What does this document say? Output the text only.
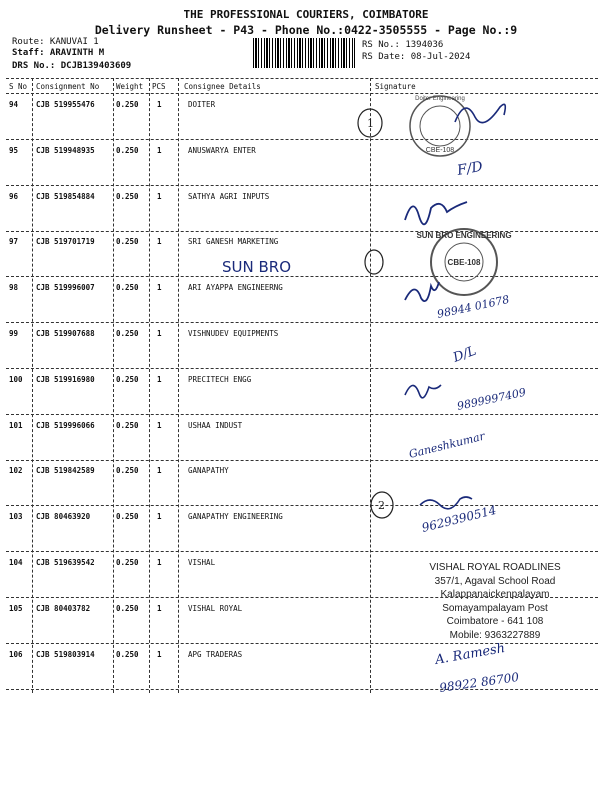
THE PROFESSIONAL COURIERS, COIMBATORE
Delivery Runsheet - P43 - Phone No.:0422-3505555 - Page No.:9
Route: KANUVAI 1
Staff: ARAVINTH M
DRS No.: DCJB139403609
RS No.: 1394036
RS Date: 08-Jul-2024
S No Consignment No Weight PCS Consignee Details	Signature
94 CJB 519955476	0.250 1	DOITER
95 CJB 519948935	0.250 1	ANUSWARYA ENTER
96 CJB 519854884	0.250 1	SATHYA AGRI INPUTS
97 CJB 519701719	0.250 1	SRI GANESH MARKETING
98 CJB 519996007	0.250 1	ARI AYAPPA ENGINEERNG
99 CJB 519907688	0.250 1	VISHNUDEV EQUIPMENTS
100 CJB 519916980	0.250 1	PRECITECH ENGG
101 CJB 519996066	0.250 1	USHAA INDUST
102 CJB 519842589	0.250 1	GANAPATHY
103 CJB 80463920	0.250 1	GANAPATHY ENGINEERING
104 CJB 519639542	0.250 1	VISHAL
105 CJB 80403782	0.250 1	VISHAL ROYAL
106 CJB 519803914	0.250 1	APG TRADERAS
CBE-108
Doiter Engineering
1
F/D
CBE-108
SUN BRO ENGINEERING
SUN BRO
98944 01678
D/L
9899997409
Ganeshkumar
2	9629390514
A. Ramesh
98922 86700
VISHAL ROYAL ROADLINES
357/1, Agaval School Road
Kalappanaickenpalayam
Somayampalayam Post
Coimbatore - 641 108
Mobile: 9363227889
